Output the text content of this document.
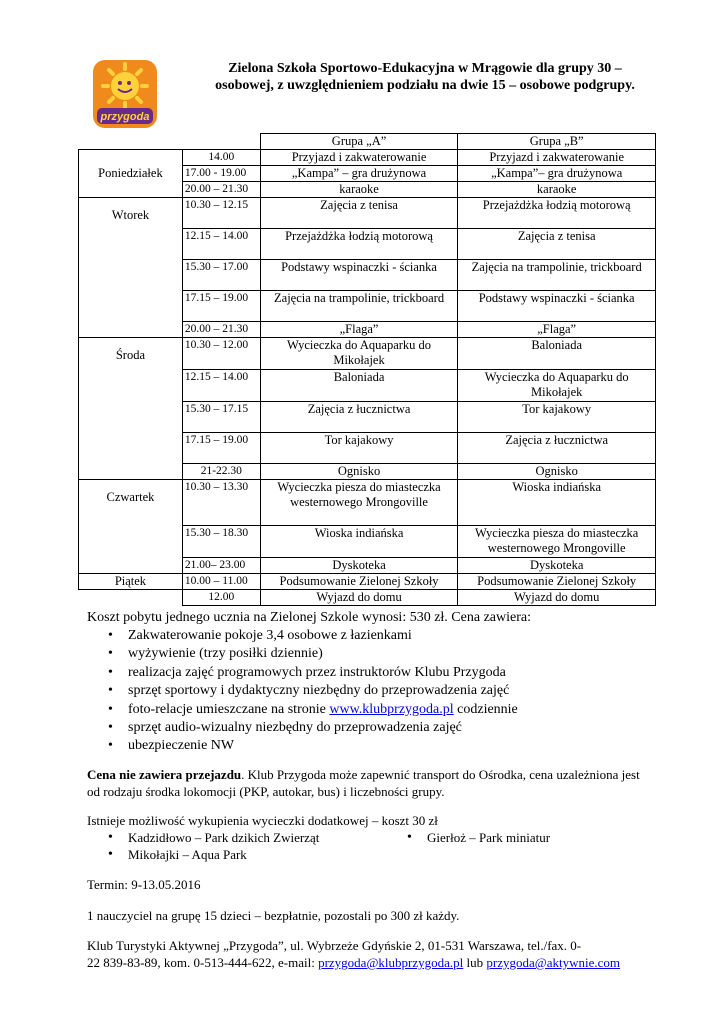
przygoda
Zielona Szkoła Sportowo-Edukacyjna w Mrągowie dla grupy 30 –
osobowej, z uwzględnieniem podziału na dwie 15 – osobowe podgrupy.
		Grupa „A”	Grupa „B”
Poniedziałek	14.00	Przyjazd i zakwaterowanie	Przyjazd i zakwaterowanie
	17.00 - 19.00	„Kampa” – gra drużynowa	„Kampa”– gra drużynowa
	20.00 – 21.30	karaoke	karaoke
Wtorek	10.30 – 12.15	Zajęcia z tenisa	Przejażdżka łodzią motorową
	12.15 – 14.00	Przejażdżka łodzią motorową	Zajęcia z tenisa
	15.30 – 17.00	Podstawy wspinaczki - ścianka	Zajęcia na trampolinie, trickboard
	17.15 – 19.00	Zajęcia na trampolinie, trickboard	Podstawy wspinaczki - ścianka
	20.00 – 21.30	„Flaga”	„Flaga”
Środa	10.30 – 12.00	Wycieczka do Aquaparku do Mikołajek	Baloniada
	12.15 – 14.00	Baloniada	Wycieczka do Aquaparku do Mikołajek
	15.30 – 17.15	Zajęcia z łucznictwa	Tor kajakowy
	17.15 – 19.00	Tor kajakowy	Zajęcia z łucznictwa
	21-22.30	Ognisko	Ognisko
Czwartek	10.30 – 13.30	Wycieczka piesza do miasteczka westernowego Mrongoville	Wioska indiańska
	15.30 – 18.30	Wioska indiańska	Wycieczka piesza do miasteczka westernowego Mrongoville
	21.00– 23.00	Dyskoteka	Dyskoteka
Piątek	10.00 – 11.00	Podsumowanie Zielonej Szkoły	Podsumowanie Zielonej Szkoły
	12.00	Wyjazd do domu	Wyjazd do domu
Koszt pobytu jednego ucznia na Zielonej Szkole wynosi: 530 zł. Cena zawiera:
• Zakwaterowanie pokoje 3,4 osobowe z łazienkami
• wyżywienie (trzy posiłki dziennie)
• realizacja zajęć programowych przez instruktorów Klubu Przygoda
• sprzęt sportowy i dydaktyczny niezbędny do przeprowadzenia zajęć
• foto-relacje umieszczane na stronie www.klubprzygoda.pl codziennie
• sprzęt audio-wizualny niezbędny do przeprowadzenia zajęć
• ubezpieczenie NW
Cena nie zawiera przejazdu. Klub Przygoda może zapewnić transport do Ośrodka, cena uzależniona jest od rodzaju środka lokomocji (PKP, autokar, bus) i liczebności grupy.
Istnieje możliwość wykupienia wycieczki dodatkowej – koszt 30 zł
• Kadzidłowo – Park dzikich Zwierząt
• Mikołajki – Aqua Park
• Gierłoż – Park miniatur
Termin: 9-13.05.2016
1 nauczyciel na grupę 15 dzieci – bezpłatnie, pozostali po 300 zł każdy.
Klub Turystyki Aktywnej „Przygoda”, ul. Wybrzeże Gdyńskie 2, 01-531 Warszawa, tel./fax. 0-
22 839-83-89, kom. 0-513-444-622, e-mail: przygoda@klubprzygoda.pl lub przygoda@aktywnie.com
